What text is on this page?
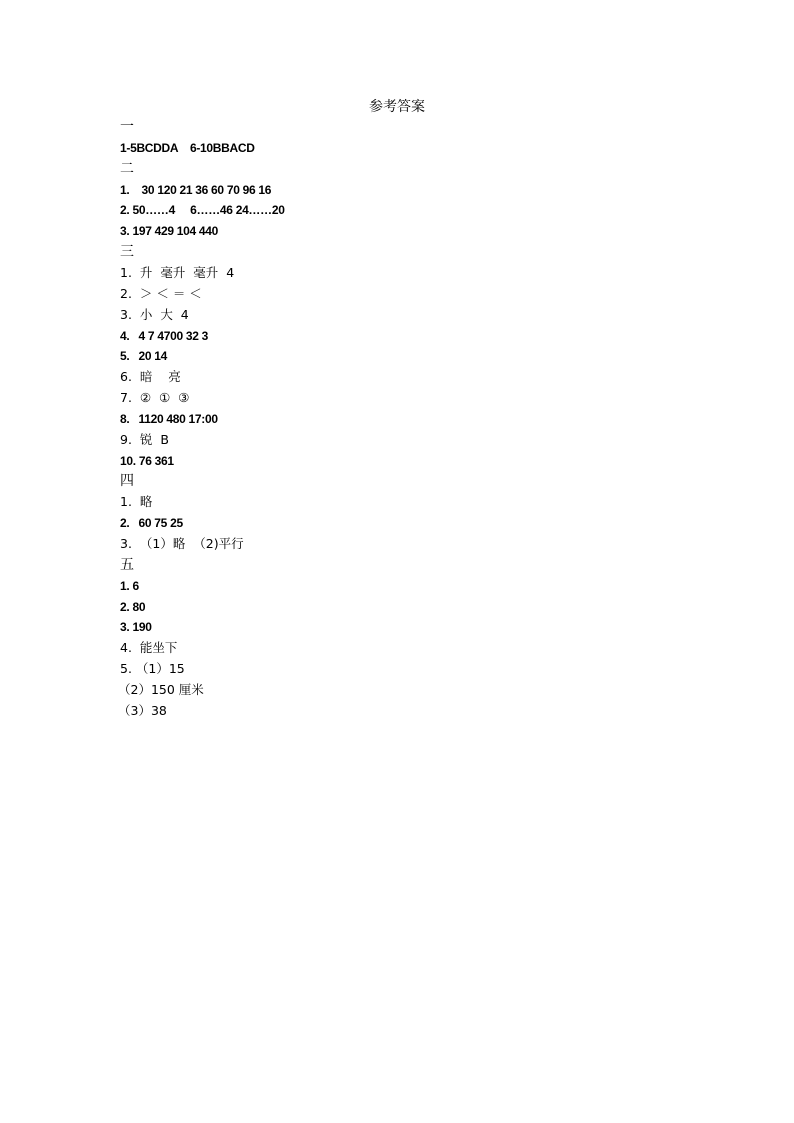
参考答案
一
1-5BCDDA    6-10BBACD
二
1.    30 120 21 36 60 70 96 16
2. 50……4     6……46 24……20
3. 197 429 104 440
三
1.  升  毫升  毫升  4
2.  ＞ ＜ ＝ ＜
3.  小  大  4
4.   4 7 4700 32 3
5.   20 14
6.  暗    亮
7.  ②  ①  ③
8.   1120 480 17:00
9.  锐  B
10. 76 361
四
1.  略
2.   60 75 25
3.  （1）略  （2)平行
五
1. 6
2. 80
3. 190
4.  能坐下
5. （1）15
（2）150 厘米
（3）38
